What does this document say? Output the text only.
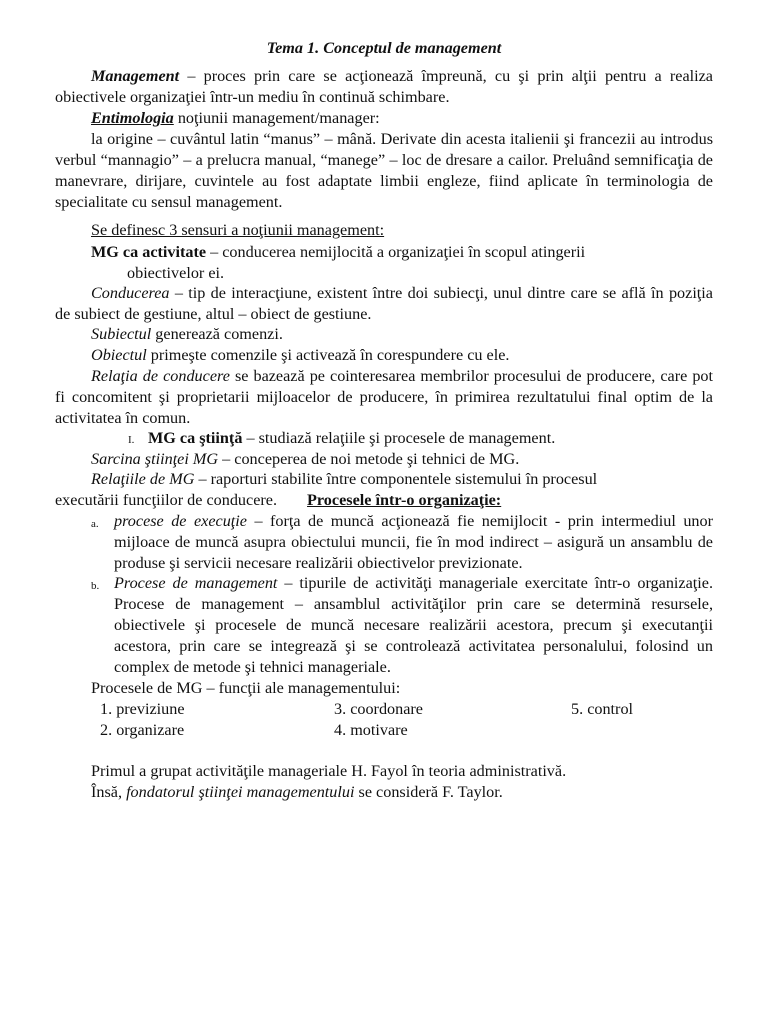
Tema 1. Conceptul de management
Management – proces prin care se acţionează împreună, cu şi prin alţii pentru a realiza obiectivele organizaţiei într-un mediu în continuă schimbare.
Entimologia noţiunii management/manager:
la origine – cuvântul latin “manus” – mână. Derivate din acesta italienii şi francezii au introdus verbul “mannagio” – a prelucra manual, “manege” – loc de dresare a cailor. Preluând semnificaţia de manevrare, dirijare, cuvintele au fost adaptate limbii engleze, fiind aplicate în terminologia de specialitate cu sensul management.
Se definesc 3 sensuri a noţiunii management:
MG ca activitate – conducerea nemijlocită a organizaţiei în scopul atingerii
obiectivelor ei.
Conducerea – tip de interacţiune, existent între doi subiecţi, unul dintre care se află în poziţia de subiect de gestiune, altul – obiect de gestiune.
Subiectul generează comenzi.
Obiectul primeşte comenzile şi activează în corespundere cu ele.
Relaţia de conducere se bazează pe cointeresarea membrilor procesului de producere, care pot fi concomitent şi proprietarii mijloacelor de producere, în primirea rezultatului final optim de la activitatea în comun.
I. MG ca ştiinţă – studiază relaţiile şi procesele de management.
Sarcina ştiinţei MG – conceperea de noi metode şi tehnici de MG.
Relaţiile de MG – raporturi stabilite între componentele sistemului în procesul
executării funcţiilor de conducere. Procesele într-o organizaţie:
a. procese de execuţie – forţa de muncă acţionează fie nemijlocit - prin intermediul unor mijloace de muncă asupra obiectului muncii, fie în mod indirect – asigură un ansamblu de produse şi servicii necesare realizării obiectivelor previzionate.
b. Procese de management – tipurile de activităţi manageriale exercitate într-o organizaţie. Procese de management – ansamblul activităţilor prin care se determină resursele, obiectivele şi procesele de muncă necesare realizării acestora, precum şi executanţii acestora, prin care se integrează şi se controlează activitatea personalului, folosind un complex de metode şi tehnici manageriale.
Procesele de MG – funcţii ale managementului:
1. previziune
2. organizare
3. coordonare
4. motivare
5. control
Primul a grupat activităţile manageriale H. Fayol în teoria administrativă.
Însă, fondatorul ştiinţei managementului se consideră F. Taylor.
